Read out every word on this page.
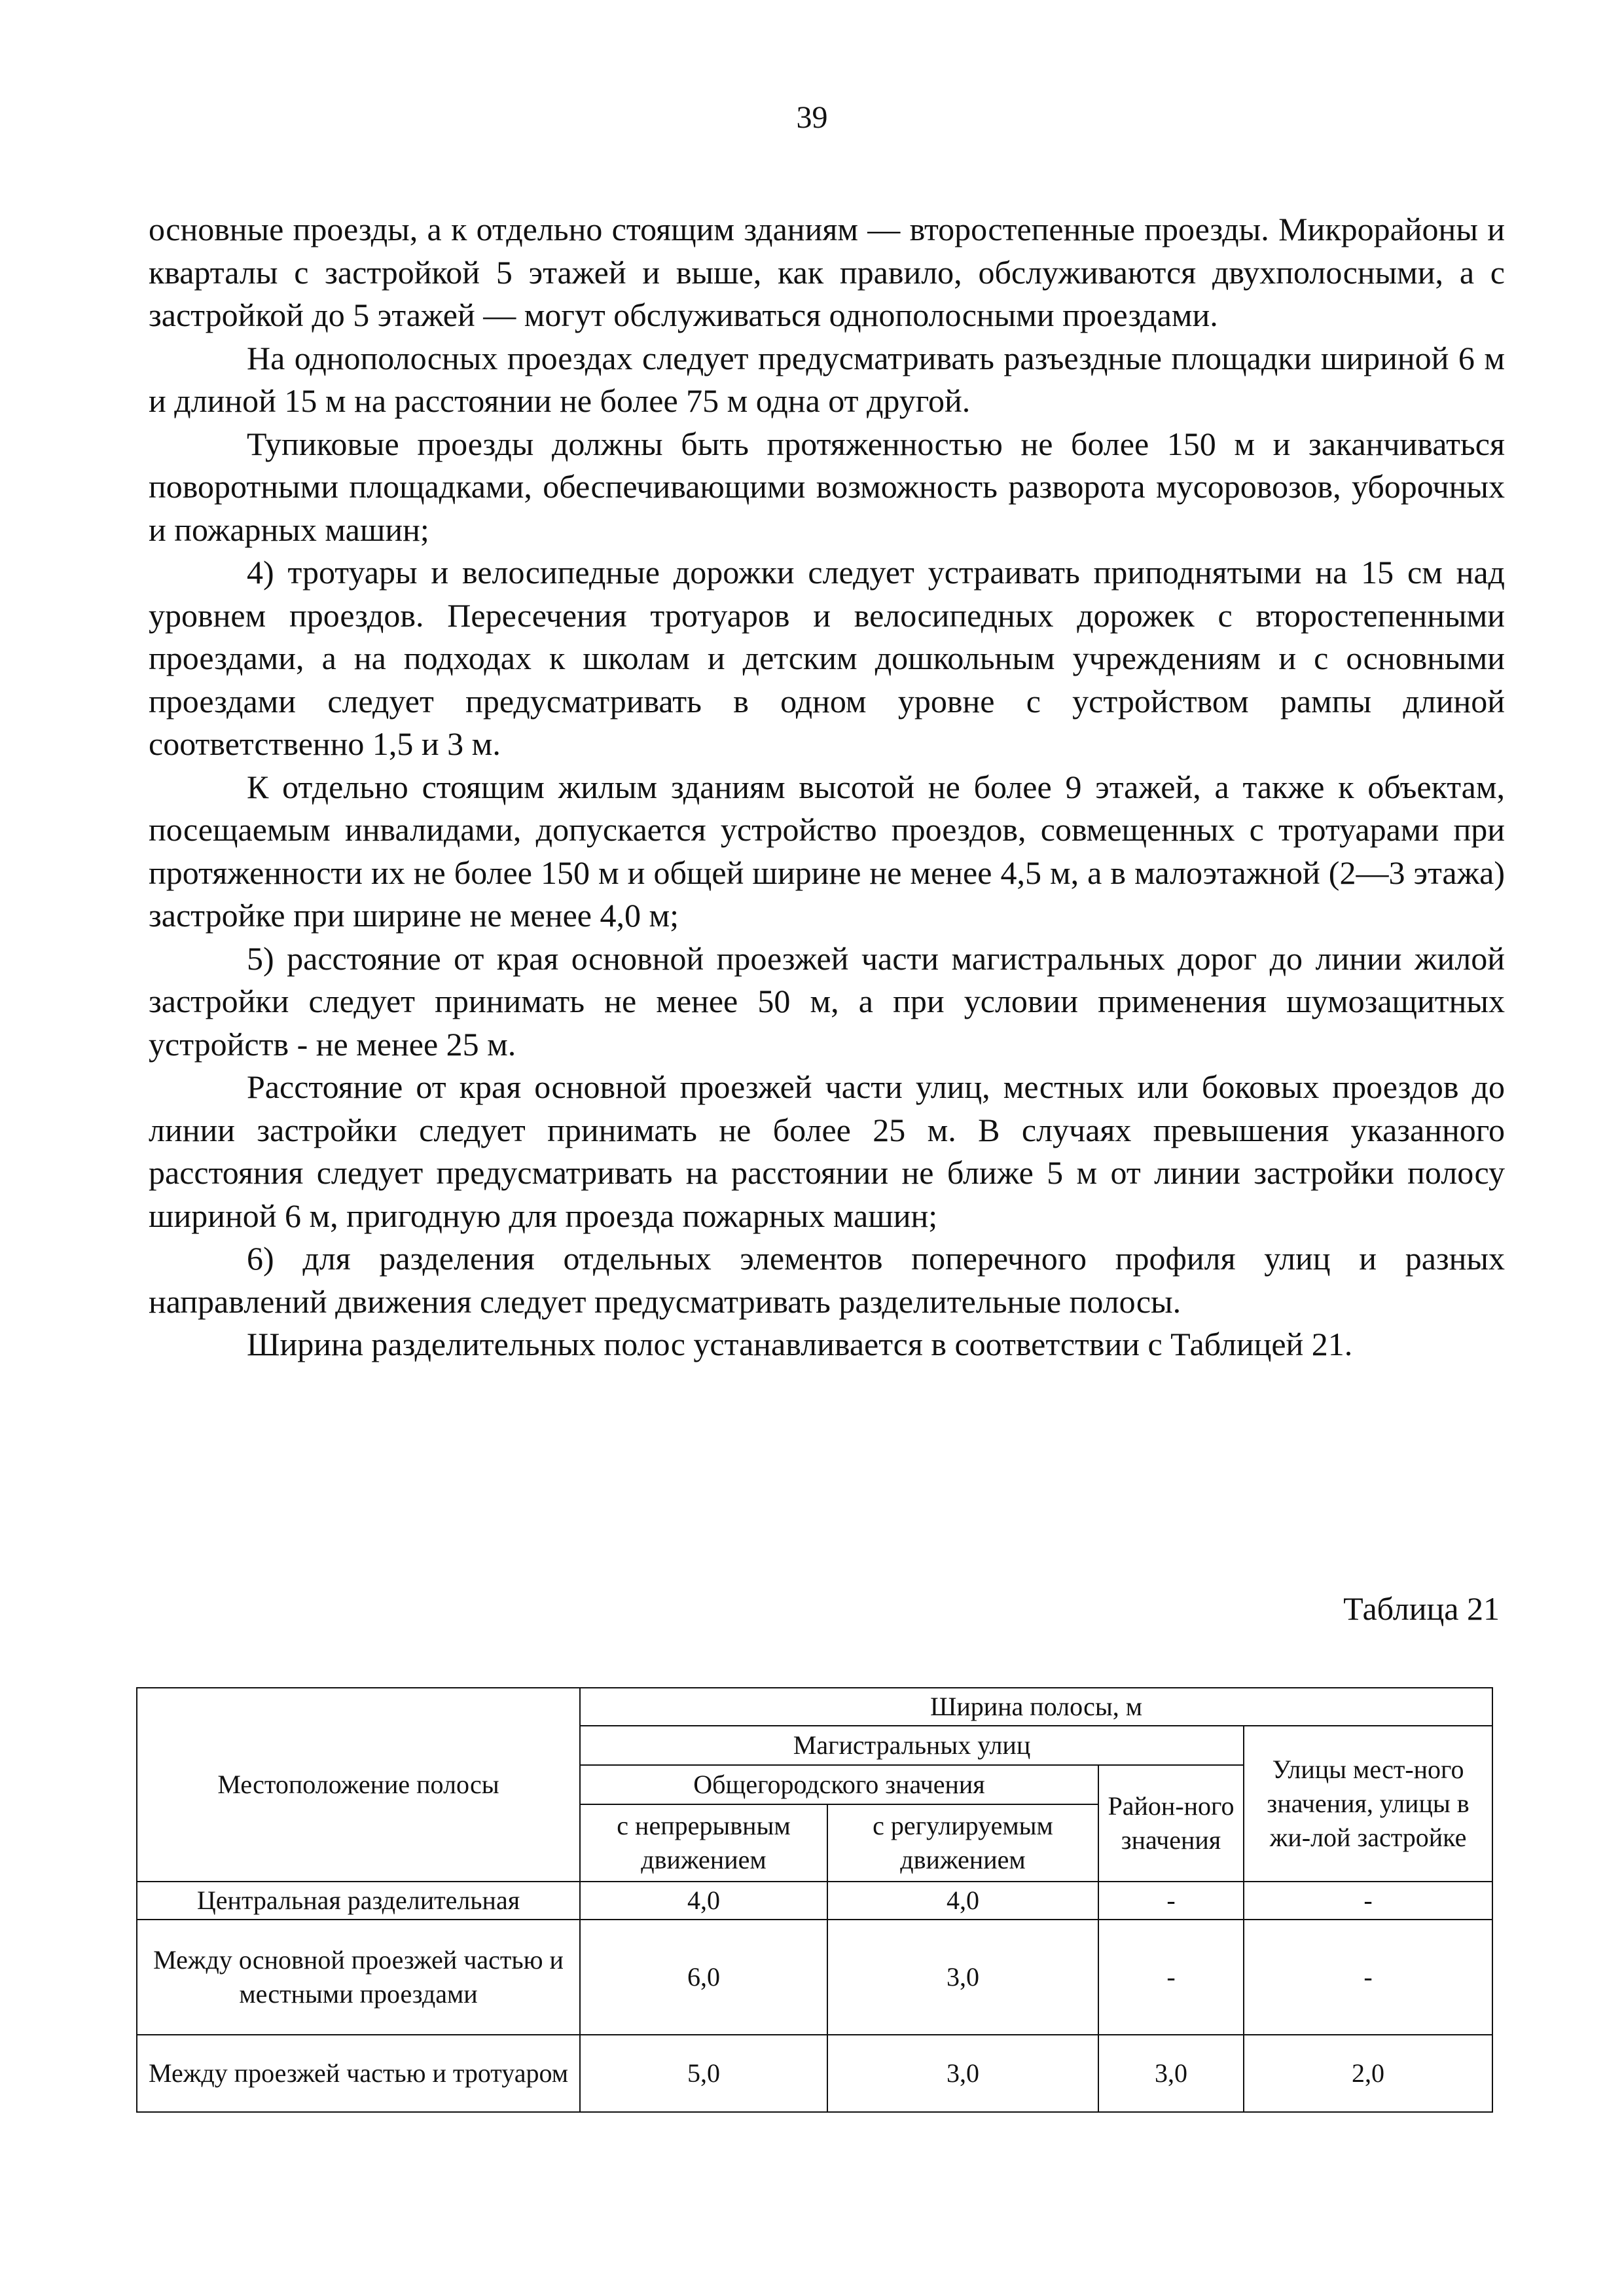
39

основные проезды, а к отдельно стоящим зданиям — второстепенные проезды. Микрорайоны и кварталы с застройкой 5 этажей и выше, как правило, обслуживаются двухполосными, а с застройкой до 5 этажей — могут обслуживаться однополосными проездами.

На однополосных проездах следует предусматривать разъездные площадки шириной 6 м и длиной 15 м на расстоянии не более 75 м одна от другой.

Тупиковые проезды должны быть протяженностью не более 150 м и заканчиваться поворотными площадками, обеспечивающими возможность разворота мусоровозов, уборочных и пожарных машин;

4) тротуары и велосипедные дорожки следует устраивать приподнятыми на 15 см над уровнем проездов. Пересечения тротуаров и велосипедных дорожек с второстепенными проездами, а на подходах к школам и детским дошкольным учреждениям и с основными проездами следует предусматривать в одном уровне с устройством рампы длиной соответственно 1,5 и 3 м.

К отдельно стоящим жилым зданиям высотой не более 9 этажей, а также к объектам, посещаемым инвалидами, допускается устройство проездов, совмещенных с тротуарами при протяженности их не более 150 м и общей ширине не менее 4,5 м, а в малоэтажной (2—3 этажа) застройке при ширине не менее 4,0 м;

5) расстояние от края основной проезжей части магистральных дорог до линии жилой застройки следует принимать не менее 50 м, а при условии применения шумозащитных устройств - не менее 25 м.

Расстояние от края основной проезжей части улиц, местных или боковых проездов до линии застройки следует принимать не более 25 м. В случаях превышения указанного расстояния следует предусматривать на расстоянии не ближе 5 м от линии застройки полосу шириной 6 м, пригодную для проезда пожарных машин;

6) для разделения отдельных элементов поперечного профиля улиц и разных направлений движения следует предусматривать разделительные полосы.

Ширина разделительных полос устанавливается в соответствии с Таблицей 21.

Таблица 21
Местоположение полосы	Ширина полосы, м			
	Магистральных улиц			Улицы мест-ного значения, улицы в жи-лой застройке
	Общегородского значения		Район-ного значения	
	с непрерывным движением	с регулируемым движением		
Центральная разделительная	4,0	4,0	-	-
Между основной проезжей частью и местными проездами	6,0	3,0	-	-
Между проезжей частью и тротуаром	5,0	3,0	3,0	2,0
